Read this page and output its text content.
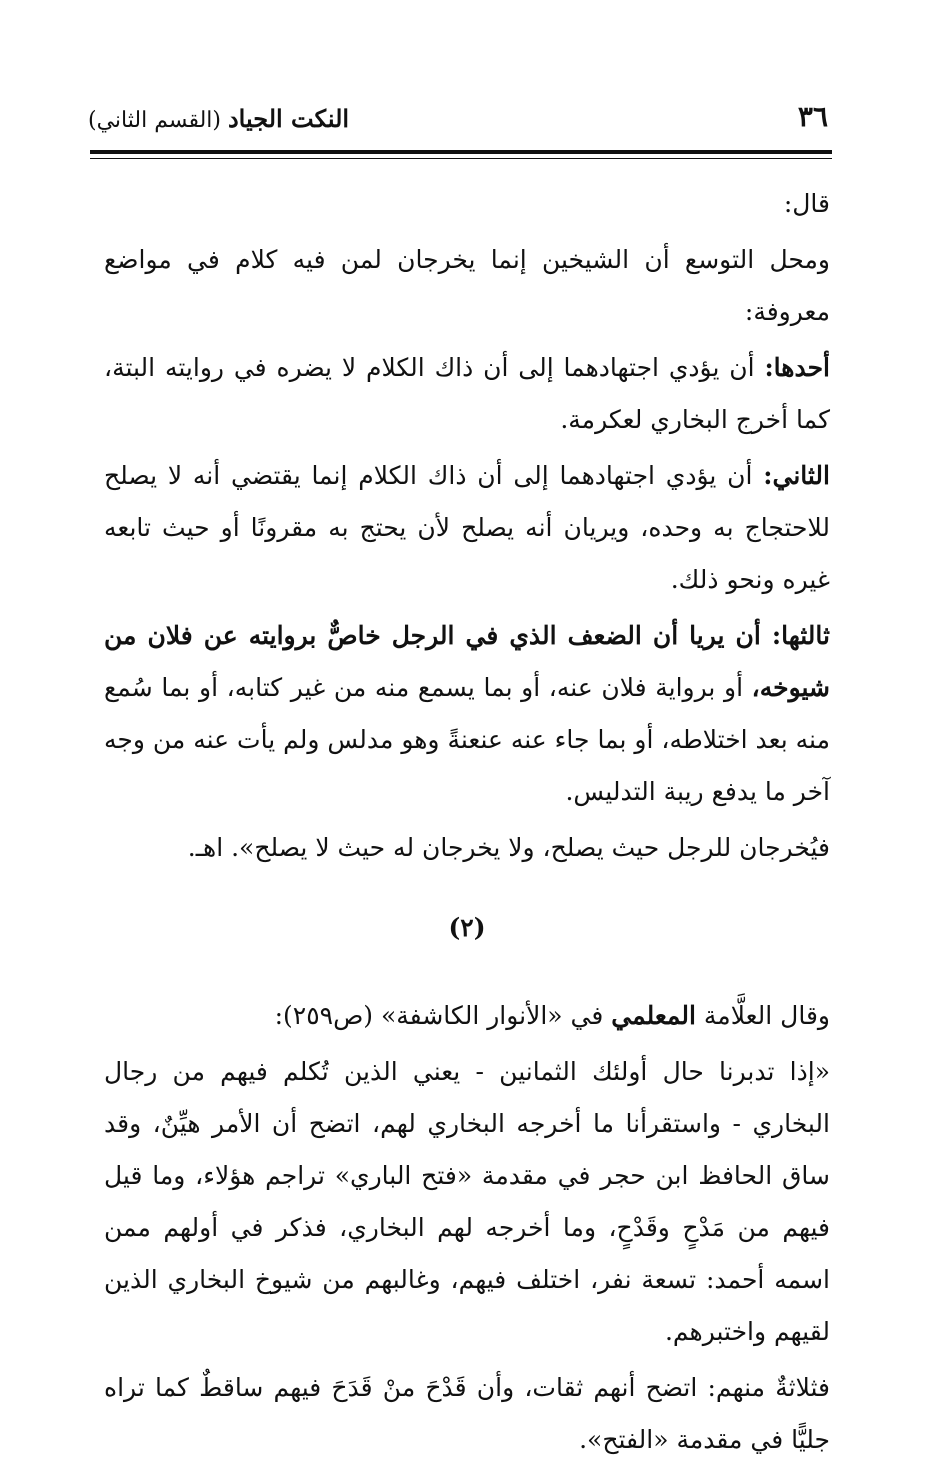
النكت الجياد (القسم الثاني)	٣٦

قال:

ومحل التوسع أن الشيخين إنما يخرجان لمن فيه كلام في مواضع معروفة:

أحدها: أن يؤدي اجتهادهما إلى أن ذاك الكلام لا يضره في روايته البتة، كما أخرج البخاري لعكرمة.

الثاني: أن يؤدي اجتهادهما إلى أن ذاك الكلام إنما يقتضي أنه لا يصلح للاحتجاج به وحده، ويريان أنه يصلح لأن يحتج به مقرونًا أو حيث تابعه غيره ونحو ذلك.

ثالثها: أن يريا أن الضعف الذي في الرجل خاصٌّ بروايته عن فلان من شيوخه، أو برواية فلان عنه، أو بما يسمع منه من غير كتابه، أو بما سُمع منه بعد اختلاطه، أو بما جاء عنه عنعنةً وهو مدلس ولم يأت عنه من وجه آخر ما يدفع ريبة التدليس.

فيُخرجان للرجل حيث يصلح، ولا يخرجان له حيث لا يصلح». اهـ.

(٢)

وقال العلَّامة المعلمي في «الأنوار الكاشفة» (ص٢٥٩):

«إذا تدبرنا حال أولئك الثمانين - يعني الذين تُكلم فيهم من رجال البخاري - واستقرأنا ما أخرجه البخاري لهم، اتضح أن الأمر هيِّنٌ، وقد ساق الحافظ ابن حجر في مقدمة «فتح الباري» تراجم هؤلاء، وما قيل فيهم من مَدْحٍ وقَدْحٍ، وما أخرجه لهم البخاري، فذكر في أولهم ممن اسمه أحمد: تسعة نفر، اختلف فيهم، وغالبهم من شيوخ البخاري الذين لقيهم واختبرهم.

فثلاثةٌ منهم: اتضح أنهم ثقات، وأن قَدْحَ منْ قَدَحَ فيهم ساقطٌ كما تراه جليًّا في مقدمة «الفتح».
